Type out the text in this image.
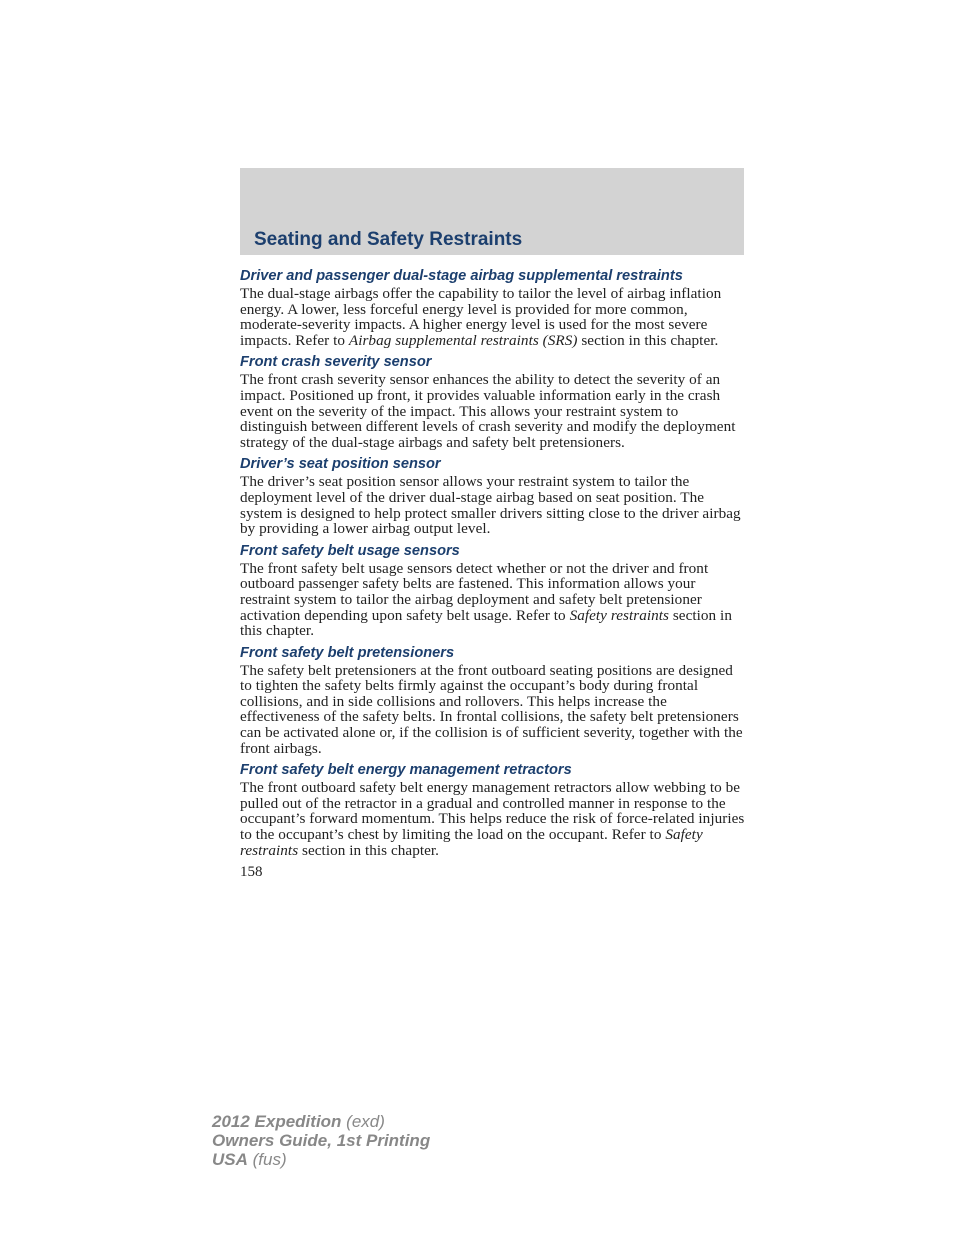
Seating and Safety Restraints
Driver and passenger dual-stage airbag supplemental restraints

The dual-stage airbags offer the capability to tailor the level of airbag inflation energy. A lower, less forceful energy level is provided for more common, moderate-severity impacts. A higher energy level is used for the most severe impacts. Refer to Airbag supplemental restraints (SRS) section in this chapter.

Front crash severity sensor

The front crash severity sensor enhances the ability to detect the severity of an impact. Positioned up front, it provides valuable information early in the crash event on the severity of the impact. This allows your restraint system to distinguish between different levels of crash severity and modify the deployment strategy of the dual-stage airbags and safety belt pretensioners.

Driver’s seat position sensor

The driver’s seat position sensor allows your restraint system to tailor the deployment level of the driver dual-stage airbag based on seat position. The system is designed to help protect smaller drivers sitting close to the driver airbag by providing a lower airbag output level.

Front safety belt usage sensors

The front safety belt usage sensors detect whether or not the driver and front outboard passenger safety belts are fastened. This information allows your restraint system to tailor the airbag deployment and safety belt pretensioner activation depending upon safety belt usage. Refer to Safety restraints section in this chapter.

Front safety belt pretensioners

The safety belt pretensioners at the front outboard seating positions are designed to tighten the safety belts firmly against the occupant’s body during frontal collisions, and in side collisions and rollovers. This helps increase the effectiveness of the safety belts. In frontal collisions, the safety belt pretensioners can be activated alone or, if the collision is of sufficient severity, together with the front airbags.

Front safety belt energy management retractors

The front outboard safety belt energy management retractors allow webbing to be pulled out of the retractor in a gradual and controlled manner in response to the occupant’s forward momentum. This helps reduce the risk of force-related injuries to the occupant’s chest by limiting the load on the occupant. Refer to Safety restraints section in this chapter.

158

2012 Expedition (exd)
Owners Guide, 1st Printing
USA (fus)
